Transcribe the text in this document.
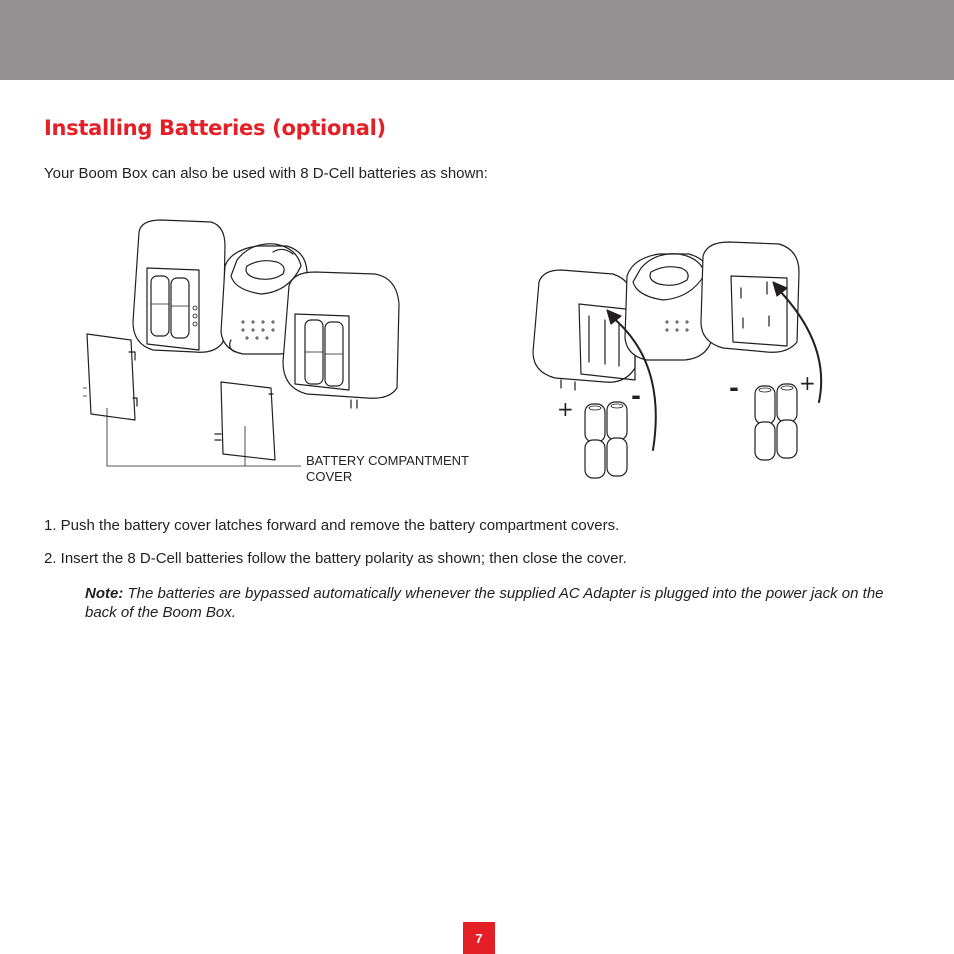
Installing Batteries (optional)

Your Boom Box can also be used with 8 D-Cell batteries as shown:

+ -	-	+

BATTERY COMPANTMENT
COVER

1. Push the battery cover latches forward and remove the battery compartment covers.

2. Insert the 8 D-Cell batteries follow the battery polarity as shown; then close the cover.

Note: The batteries are bypassed automatically whenever the supplied AC Adapter is plugged into the power jack on the back of the Boom Box.

7
